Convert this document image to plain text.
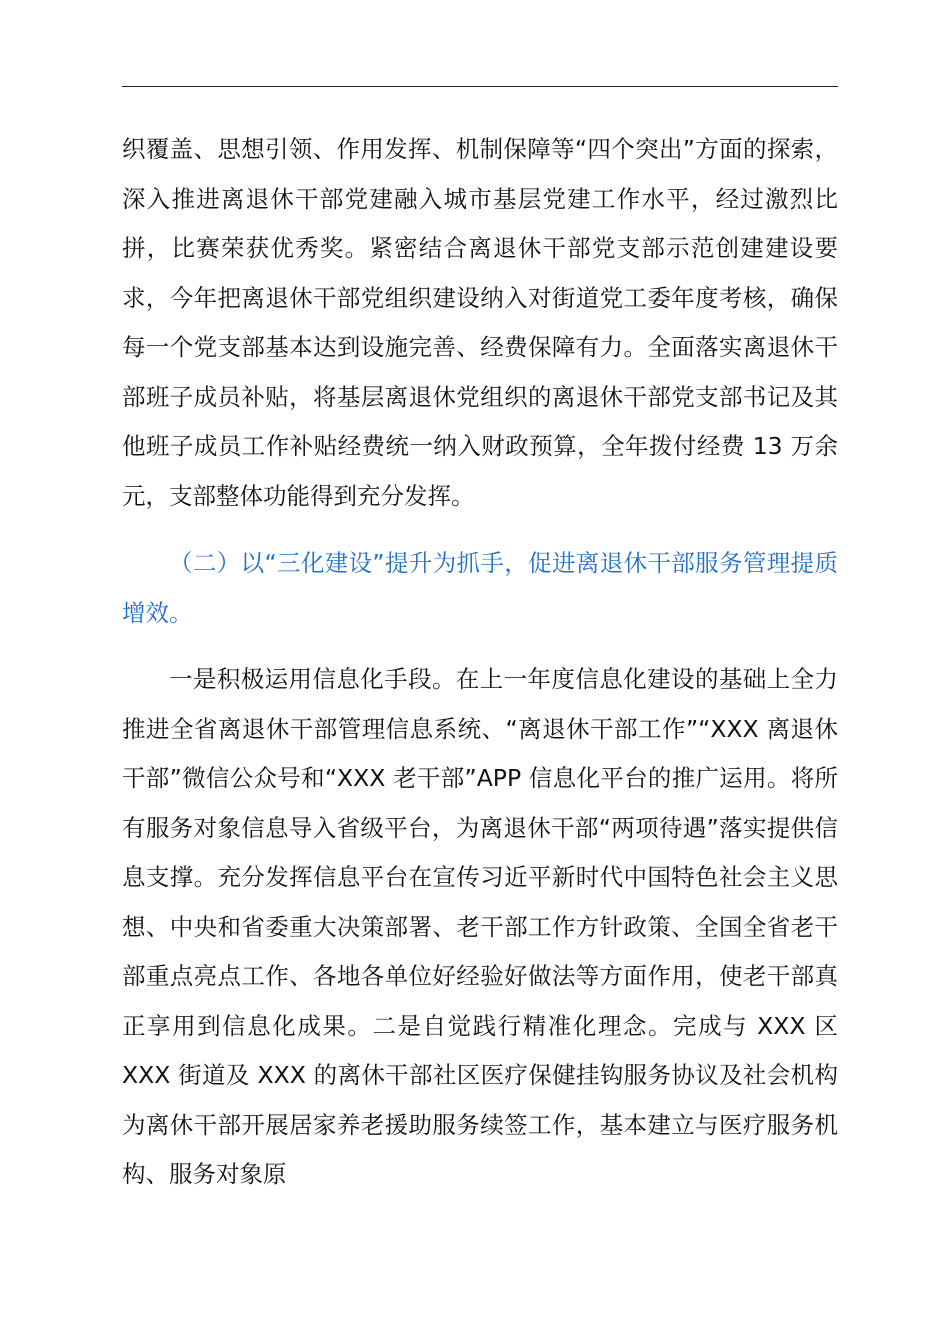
织覆盖、思想引领、作用发挥、机制保障等“四个突出”方面的探索，深入推进离退休干部党建融入城市基层党建工作水平，经过激烈比拼，比赛荣获优秀奖。紧密结合离退休干部党支部示范创建建设要求，今年把离退休干部党组织建设纳入对街道党工委年度考核，确保每一个党支部基本达到设施完善、经费保障有力。全面落实离退休干部班子成员补贴，将基层离退休党组织的离退休干部党支部书记及其他班子成员工作补贴经费统一纳入财政预算，全年拨付经费 13 万余元，支部整体功能得到充分发挥。

（二）以“三化建设”提升为抓手，促进离退休干部服务管理提质增效。

一是积极运用信息化手段。在上一年度信息化建设的基础上全力推进全省离退休干部管理信息系统、“离退休干部工作”“XXX 离退休干部”微信公众号和“XXX 老干部”APP 信息化平台的推广运用。将所有服务对象信息导入省级平台，为离退休干部“两项待遇”落实提供信息支撑。充分发挥信息平台在宣传习近平新时代中国特色社会主义思想、中央和省委重大决策部署、老干部工作方针政策、全国全省老干部重点亮点工作、各地各单位好经验好做法等方面作用，使老干部真正享用到信息化成果。二是自觉践行精准化理念。完成与 XXX 区 XXX 街道及 XXX 的离休干部社区医疗保健挂钩服务协议及社会机构为离休干部开展居家养老援助服务续签工作，基本建立与医疗服务机构、服务对象原
